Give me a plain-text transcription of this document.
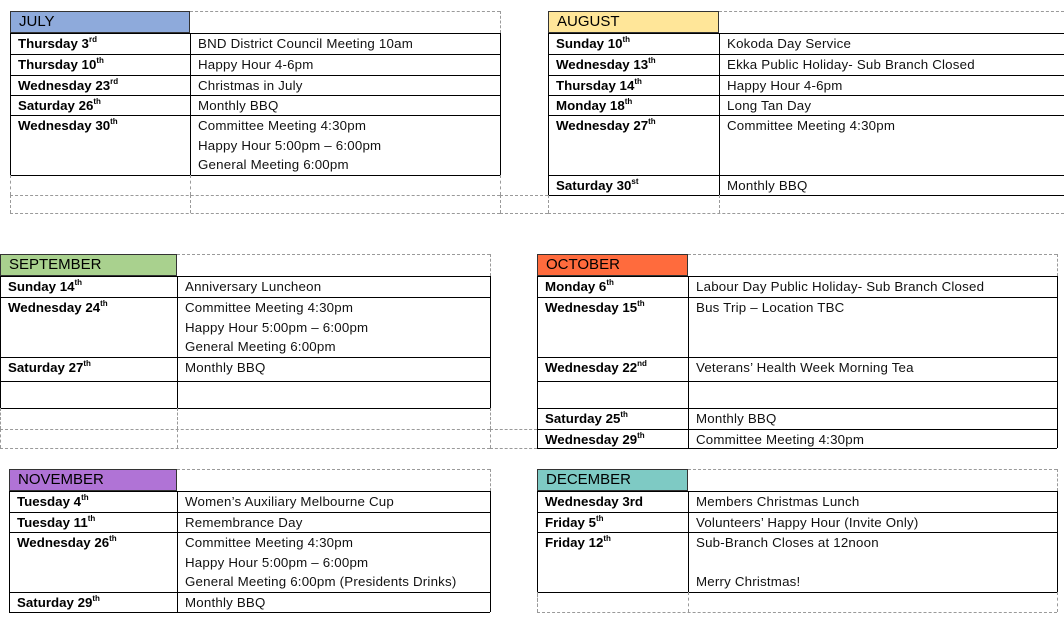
JULY
Thursday 3rd	BND District Council Meeting 10am
Thursday 10th	Happy Hour 4-6pm
Wednesday 23rd	Christmas in July
Saturday 26th	Monthly BBQ
Wednesday 30th	Committee Meeting 4:30pm
Happy Hour 5:00pm – 6:00pm
General Meeting 6:00pm
AUGUST
Sunday 10th	Kokoda Day Service
Wednesday 13th	Ekka Public Holiday- Sub Branch Closed
Thursday 14th	Happy Hour 4-6pm
Monday 18th	Long Tan Day
Wednesday 27th	Committee Meeting 4:30pm
Saturday 30st	Monthly BBQ
SEPTEMBER
Sunday 14th	Anniversary Luncheon
Wednesday 24th	Committee Meeting 4:30pm
Happy Hour 5:00pm – 6:00pm
General Meeting 6:00pm
Saturday 27th	Monthly BBQ
OCTOBER
Monday 6th	Labour Day Public Holiday- Sub Branch Closed
Wednesday 15th	Bus Trip – Location TBC
Wednesday 22nd	Veterans’ Health Week Morning Tea
Saturday 25th	Monthly BBQ
Wednesday 29th	Committee Meeting 4:30pm
NOVEMBER
Tuesday 4th	Women’s Auxiliary Melbourne Cup
Tuesday 11th	Remembrance Day
Wednesday 26th	Committee Meeting 4:30pm
Happy Hour 5:00pm – 6:00pm
General Meeting 6:00pm (Presidents Drinks)
Saturday 29th	Monthly BBQ
DECEMBER
Wednesday 3rd	Members Christmas Lunch
Friday 5th	Volunteers’ Happy Hour (Invite Only)
Friday 12th	Sub-Branch Closes at 12noon
Merry Christmas!
